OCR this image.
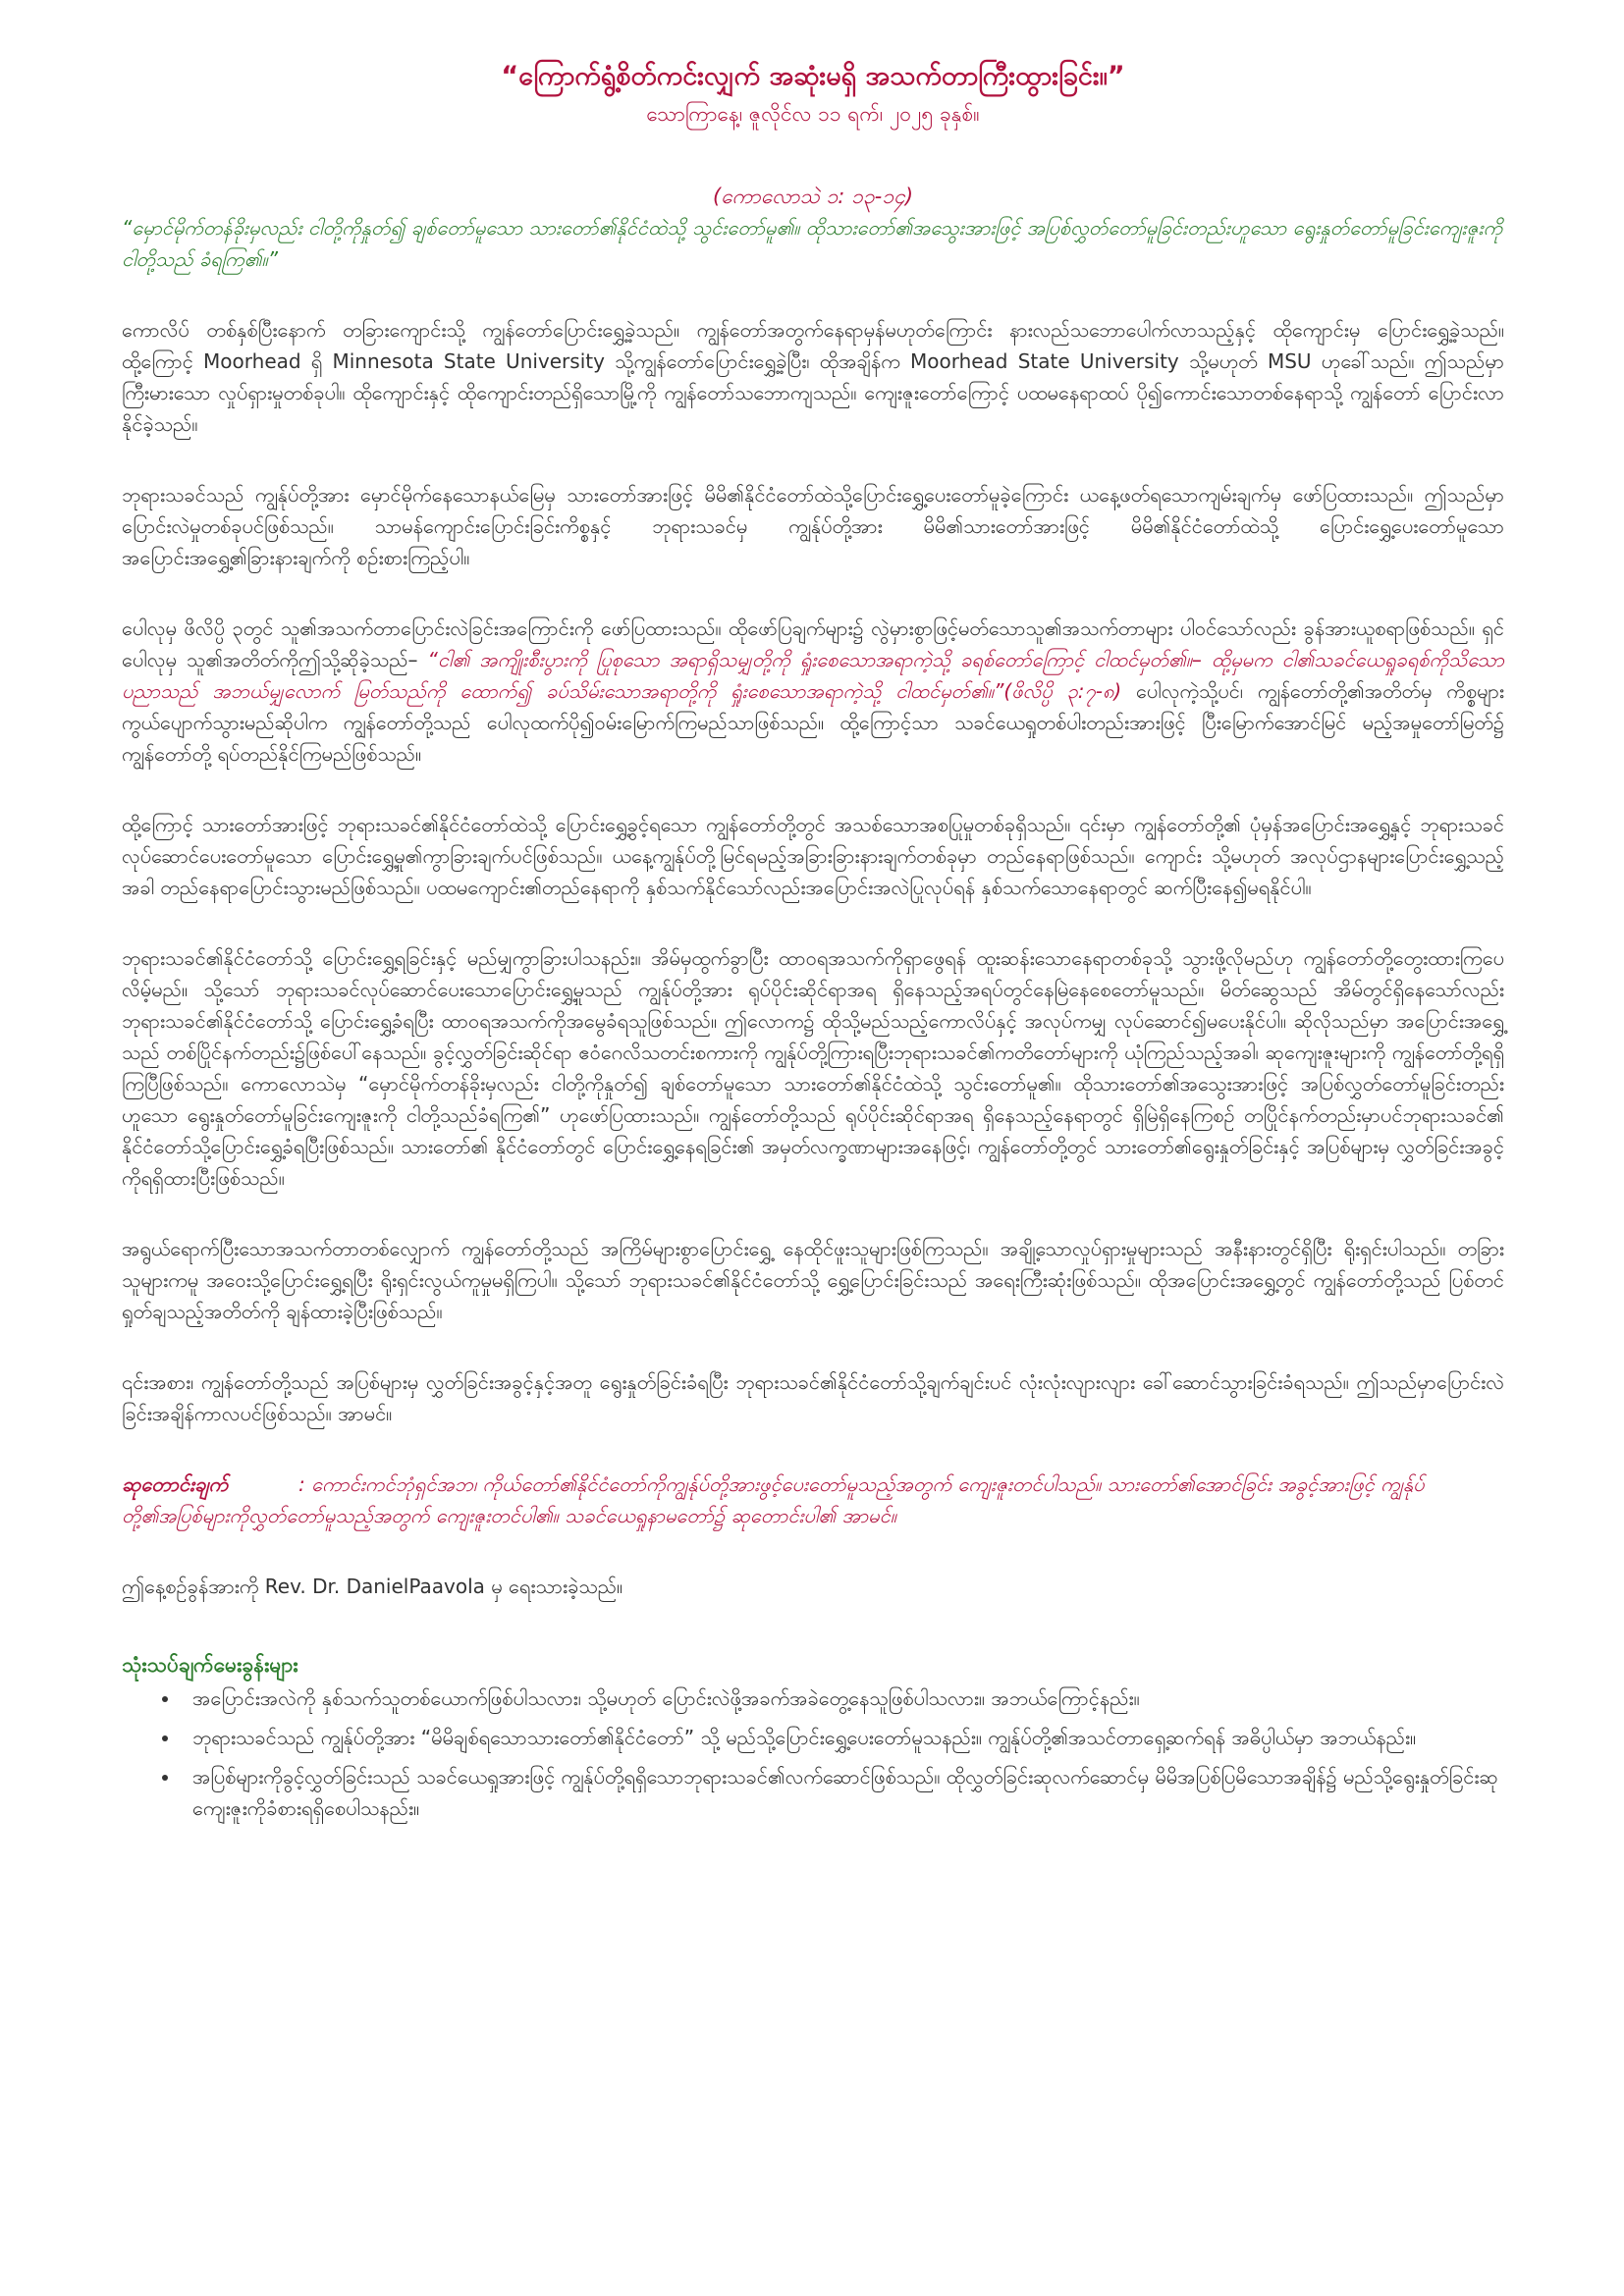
“ကြောက်ရွံ့စိတ်ကင်းလျှက် အဆုံးမရှိ အသက်တာကြီးထွားခြင်း။”
သောကြာနေ့၊ ဇူလိုင်လ ၁၁ ရက်၊ ၂၀၂၅ ခုနှစ်။
(ကောလောသဲ ၁: ၁၃-၁၄)

“မှောင်မိုက်တန်ခိုးမှလည်း ငါတို့ကိုနှုတ်၍ ချစ်တော်မူသော သားတော်၏နိုင်ငံထဲသို့ သွင်းတော်မူ၏။ ထိုသားတော်၏အသွေးအားဖြင့် အပြစ်လွှတ်တော်မူခြင်းတည်းဟူသော ရွေးနှုတ်တော်မူခြင်းကျေးဇူးကို ငါတို့သည် ခံရကြ၏။”

ကောလိပ် တစ်နှစ်ပြီးနောက် တခြားကျောင်းသို့ ကျွန်တော်ပြောင်းရွှေ့ခဲ့သည်။ ကျွန်တော်အတွက်နေရာမှန်မဟုတ်ကြောင်း နားလည်သဘောပေါက်လာသည့်နှင့် ထိုကျောင်းမှ ပြောင်းရွှေ့ခဲ့သည်။ ထို့ကြောင့် Moorhead ရှိ Minnesota State University သို့ကျွန်တော်ပြောင်းရွှေ့ခဲ့ပြီး၊ ထိုအချိန်က Moorhead State University သို့မဟုတ် MSU ဟုခေါ်သည်။ ဤသည်မှာ ကြီးမားသော လှုပ်ရှားမှုတစ်ခုပါ။ ထိုကျောင်းနှင့် ထိုကျောင်းတည်ရှိသောမြို့ကို ကျွန်တော်သဘောကျသည်။ ကျေးဇူးတော်ကြောင့် ပထမနေရာထပ် ပို၍ကောင်းသောတစ်နေရာသို့ ကျွန်တော် ပြောင်းလာနိုင်ခဲ့သည်။

ဘုရားသခင်သည် ကျွန်ုပ်တို့အား မှောင်မိုက်နေသောနယ်မြေမှ သားတော်အားဖြင့် မိမိ၏နိုင်ငံတော်ထဲသို့ပြောင်းရွှေ့ပေးတော်မူခဲ့ကြောင်း ယနေ့ဖတ်ရသောကျမ်းချက်မှ ဖော်ပြထားသည်။ ဤသည်မှာ ပြောင်းလဲမှုတစ်ခုပင်ဖြစ်သည်။ သာမန်ကျောင်းပြောင်းခြင်းကိစ္စနှင့် ဘုရားသခင်မှ ကျွန်ုပ်တို့အား မိမိ၏သားတော်အားဖြင့် မိမိ၏နိုင်ငံတော်ထဲသို့ ပြောင်းရွှေ့ပေးတော်မူသော အပြောင်းအရွှေ့၏ခြားနားချက်ကို စဥ်းစားကြည့်ပါ။

ပေါလုမှ ဖိလိပ္ပိ ၃တွင် သူ၏အသက်တာပြောင်းလဲခြင်းအကြောင်းကို ဖော်ပြထားသည်။ ထိုဖော်ပြချက်များ၌ လွဲမှားစွာဖြင့်မတ်သောသူ၏အသက်တာများ ပါဝင်သော်လည်း ခွန်အားယူစရာဖြစ်သည်။ ရှင်ပေါလုမှ သူ၏အတိတ်ကိုဤသို့ဆိုခဲ့သည်– “ငါ၏ အကျိုးစီးပွားကို ပြုစုသော အရာရှိသမျှတို့ကို ရှုံးစေသောအရာကဲ့သို့ ခရစ်တော်ကြောင့် ငါထင်မှတ်၏။– ထို့မှမက ငါ၏သခင်ယေရှုခရစ်ကိုသိသော ပညာသည် အဘယ်မျှလောက် မြတ်သည်ကို ထောက်၍ ခပ်သိမ်းသောအရာတို့ကို ရှုံးစေသောအရာကဲ့သို့ ငါထင်မှတ်၏။”(ဖိလိပ္ပိ ၃:၇-၈) ပေါလုကဲ့သို့ပင်၊ ကျွန်တော်တို့၏အတိတ်မှ ကိစ္စများ ကွယ်ပျောက်သွားမည်ဆိုပါက ကျွန်တော်တို့သည် ပေါလုထက်ပို၍ဝမ်းမြောက်ကြမည်သာဖြစ်သည်။ ထို့ကြောင့်သာ သခင်ယေရှုတစ်ပါးတည်းအားဖြင့် ပြီးမြောက်အောင်မြင် မည့်အမှုတော်မြတ်၌ ကျွန်တော်တို့ ရပ်တည်နိုင်ကြမည်ဖြစ်သည်။

ထို့ကြောင့် သားတော်အားဖြင့် ဘုရားသခင်၏နိုင်ငံတော်ထဲသို့ ပြောင်းရွှေ့ခွင့်ရသော ကျွန်တော်တို့တွင် အသစ်သောအစပြုမှုတစ်ခုရှိသည်။ ၎င်းမှာ ကျွန်တော်တို့၏ ပုံမှန်အပြောင်းအရွှေ့နှင့် ဘုရားသခင်လုပ်ဆောင်ပေးတော်မူသော ပြောင်းရွှေ့မှု၏ကွာခြားချက်ပင်ဖြစ်သည်။ ယနေ့ကျွန်ုပ်တို့မြင်ရမည့်အခြားခြားနားချက်တစ်ခုမှာ တည်နေရာဖြစ်သည်။ ကျောင်း သို့မဟုတ် အလုပ်ဌာနများပြောင်းရွှေ့သည့်အခါ တည်နေရာပြောင်းသွားမည်ဖြစ်သည်။ ပထမကျောင်း၏တည်နေရာကို နှစ်သက်နိုင်သော်လည်းအပြောင်းအလဲပြုလုပ်ရန် နှစ်သက်သောနေရာတွင် ဆက်ပြီးနေ၍မရနိုင်ပါ။

ဘုရားသခင်၏နိုင်ငံတော်သို့ ပြောင်းရွှေ့ရခြင်းနှင့် မည်မျှကွာခြားပါသနည်း။ အိမ်မှထွက်ခွာပြီး ထာဝရအသက်ကိုရှာဖွေရန် ထူးဆန်းသောနေရာတစ်ခုသို့ သွားဖို့လိုမည်ဟု ကျွန်တော်တို့တွေးထားကြပေလိမ့်မည်။ သို့သော် ဘုရားသခင်လုပ်ဆောင်ပေးသောပြောင်းရွှေ့မှုသည် ကျွန်ုပ်တို့အား ရုပ်ပိုင်းဆိုင်ရာအရ ရှိနေသည့်အရပ်တွင်နေမြဲနေစေတော်မူသည်။ မိတ်ဆွေသည် အိမ်တွင်ရှိနေသော်လည်း ဘုရားသခင်၏နိုင်ငံတော်သို့ ပြောင်းရွှေ့ခံရပြီး ထာဝရအသက်ကိုအမွေခံရသူဖြစ်သည်။ ဤလောက၌ ထိုသို့မည်သည့်ကောလိပ်နှင့် အလုပ်ကမျှ လုပ်ဆောင်၍မပေးနိုင်ပါ။ ဆိုလိုသည်မှာ အပြောင်းအရွှေ့သည် တစ်ပြိုင်နက်တည်း၌ဖြစ်ပေါ်နေသည်။ ခွင့်လွှတ်ခြင်းဆိုင်ရာ ဧဝံဂေလိသတင်းစကားကို ကျွန်ုပ်တို့ကြားရပြီးဘုရားသခင်၏ကတိတော်များကို ယုံကြည်သည့်အခါ၊ ဆုကျေးဇူးများကို ကျွန်တော်တို့ရရှိကြပြီဖြစ်သည်။ ကောလောသဲမှ “မှောင်မိုက်တန်ခိုးမှလည်း ငါတို့ကိုနှုတ်၍ ချစ်တော်မူသော သားတော်၏နိုင်ငံထဲသို့ သွင်းတော်မူ၏။ ထိုသားတော်၏အသွေးအားဖြင့် အပြစ်လွှတ်တော်မူခြင်းတည်းဟူသော ရွေးနှုတ်တော်မူခြင်းကျေးဇူးကို ငါတို့သည်ခံရကြ၏” ဟုဖော်ပြထားသည်။ ကျွန်တော်တို့သည် ရုပ်ပိုင်းဆိုင်ရာအရ ရှိနေသည့်နေရာတွင် ရှိမြဲရှိနေကြစဉ် တပြိုင်နက်တည်းမှာပင်ဘုရားသခင်၏ နိုင်ငံတော်သို့ပြောင်းရွှေ့ခံရပြီးဖြစ်သည်။ သားတော်၏ နိုင်ငံတော်တွင် ပြောင်းရွှေ့နေရခြင်း၏ အမှတ်လက္ခဏာများအနေဖြင့်၊ ကျွန်တော်တို့တွင် သားတော်၏ရွေးနှုတ်ခြင်းနှင့် အပြစ်များမှ လွှတ်ခြင်းအခွင့်ကိုရရှိထားပြီးဖြစ်သည်။

အရွယ်ရောက်ပြီးသောအသက်တာတစ်လျှောက် ကျွန်တော်တို့သည် အကြိမ်များစွာပြောင်းရွှေ့ နေထိုင်ဖူးသူများဖြစ်ကြသည်။ အချို့သောလှုပ်ရှားမှုများသည် အနီးနားတွင်ရှိပြီး ရိုးရှင်းပါသည်။ တခြားသူများကမူ အဝေးသို့ပြောင်းရွှေ့ရပြီး ရိုးရှင်းလွယ်ကူမှုမရှိကြပါ။ သို့သော် ဘုရားသခင်၏နိုင်ငံတော်သို့ ရွှေ့ပြောင်းခြင်းသည် အရေးကြီးဆုံးဖြစ်သည်။ ထိုအပြောင်းအရွှေ့တွင် ကျွန်တော်တို့သည် ပြစ်တင်ရှုတ်ချသည့်အတိတ်ကို ချန်ထားခဲ့ပြီးဖြစ်သည်။

၎င်းအစား၊ ကျွန်တော်တို့သည် အပြစ်များမှ လွှတ်ခြင်းအခွင့်နှင့်အတူ ရွေးနှုတ်ခြင်းခံရပြီး ဘုရားသခင်၏နိုင်ငံတော်သို့ချက်ချင်းပင် လုံးလုံးလျားလျား ခေါ်ဆောင်သွားခြင်းခံရသည်။ ဤသည်မှာပြောင်းလဲခြင်းအချိန်ကာလပင်ဖြစ်သည်။ အာမင်။

ဆုတောင်းချက်	: ကောင်းကင်ဘုံရှင်အဘ၊ ကိုယ်တော်၏နိုင်ငံတော်ကိုကျွန်ုပ်တို့အားဖွင့်ပေးတော်မူသည့်အတွက် ကျေးဇူးတင်ပါသည်။ သားတော်၏အောင်ခြင်း အခွင့်အားဖြင့် ကျွန်ုပ်တို့၏အပြစ်များကိုလွှတ်တော်မူသည့်အတွက် ကျေးဇူးတင်ပါ၏။ သခင်ယေရှုနာမတော်၌ ဆုတောင်းပါ၏ အာမင်။

ဤနေ့စဥ်ခွန်အားကို Rev. Dr. DanielPaavola မှ ရေးသားခဲ့သည်။

သုံးသပ်ချက်မေးခွန်းများ
• အပြောင်းအလဲကို နှစ်သက်သူတစ်ယောက်ဖြစ်ပါသလား၊ သို့မဟုတ် ပြောင်းလဲဖို့အခက်အခဲတွေ့နေသူဖြစ်ပါသလား။ အဘယ်ကြောင့်နည်း။
• ဘုရားသခင်သည် ကျွန်ုပ်တို့အား “မိမိချစ်ရသောသားတော်၏နိုင်ငံတော်” သို့ မည်သို့ပြောင်းရွှေ့ပေးတော်မူသနည်း။ ကျွန်ုပ်တို့၏အသင်တာရှေ့ဆက်ရန် အဓိပ္ပါယ်မှာ အဘယ်နည်း။
• အပြစ်များကိုခွင့်လွှတ်ခြင်းသည် သခင်ယေရှုအားဖြင့် ကျွန်ုပ်တို့ရရှိသောဘုရားသခင်၏လက်ဆောင်ဖြစ်သည်။ ထိုလွှတ်ခြင်းဆုလက်ဆောင်မှ မိမိအပြစ်ပြမိသောအချိန်၌ မည်သို့ရွေးနှုတ်ခြင်းဆုကျေးဇူးကိုခံစားရရှိစေပါသနည်း။
